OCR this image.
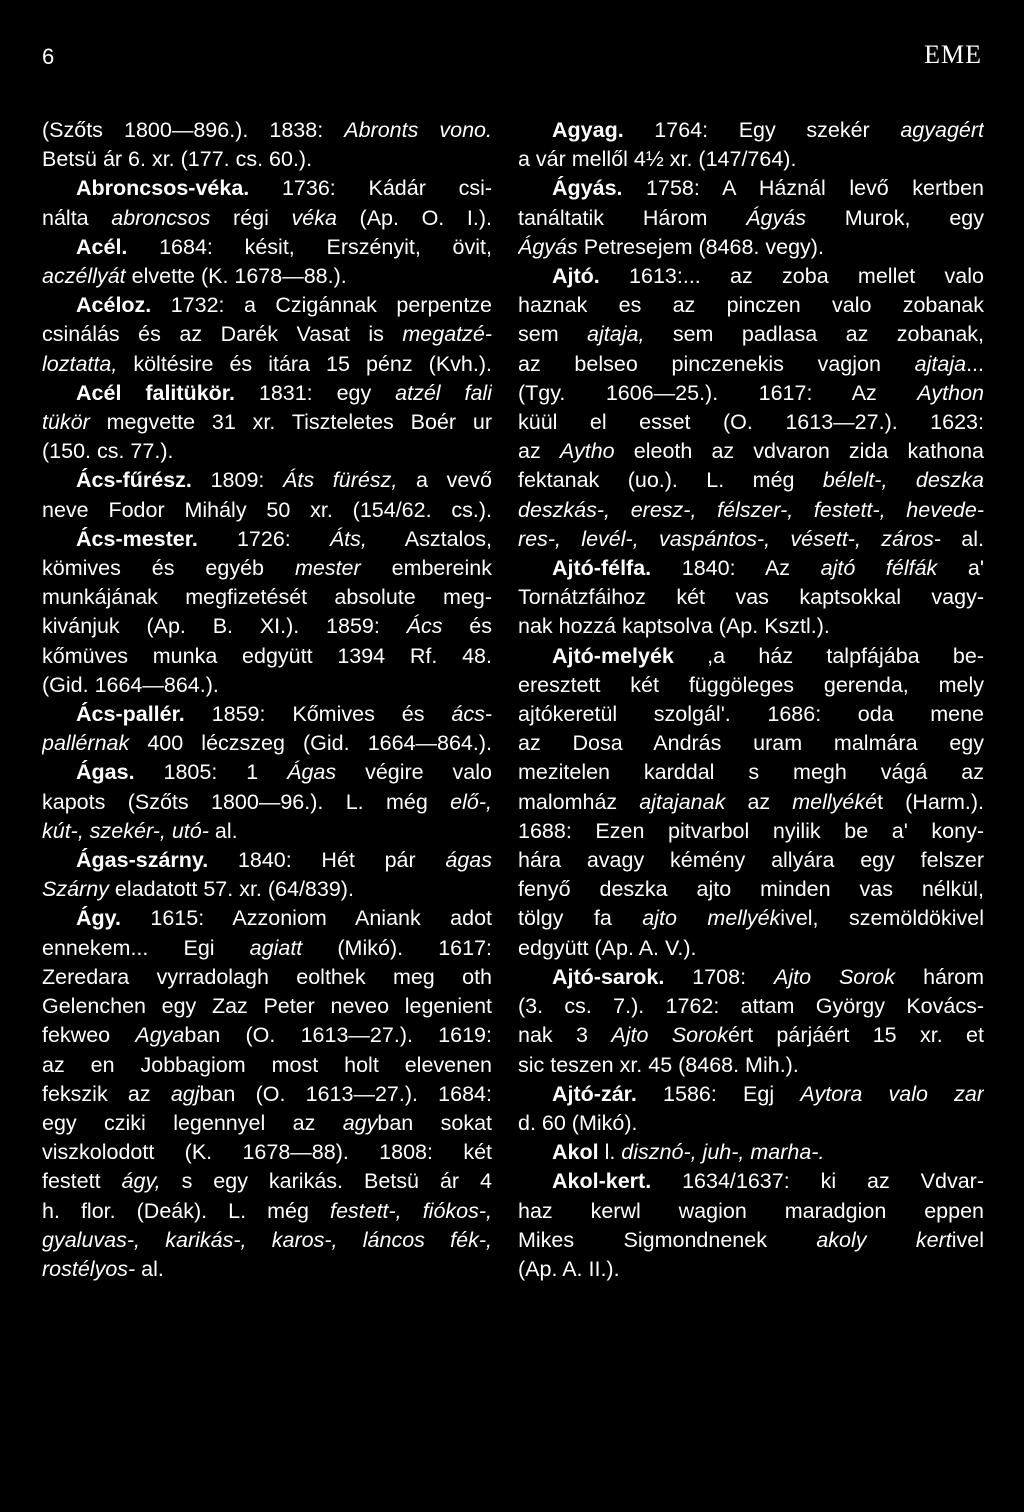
6	EME
(Szőts 1800—896.). 1838: Abronts vono.
Betsü ár 6. xr. (177. cs. 60.).
Abroncsos-véka. 1736: Kádár csi-
nálta abroncsos régi véka (Ap. O. I.).
Acél. 1684: késit, Erszényit, övit,
aczéllyát elvette (K. 1678—88.).
Acéloz. 1732: a Czigánnak perpentze
csinálás és az Darék Vasat is megatzé-
loztatta, költésire és itára 15 pénz (Kvh.).
Acél falitükör. 1831: egy atzél fali
tükör megvette 31 xr. Tiszteletes Boér ur
(150. cs. 77.).
Ács-fűrész. 1809: Áts fürész, a vevő
neve Fodor Mihály 50 xr. (154/62. cs.).
Ács-mester. 1726: Áts, Asztalos,
kömives és egyéb mester embereink
munkájának megfizetését absolute meg-
kivánjuk (Ap. B. XI.). 1859: Ács és
kőmüves munka edgyütt 1394 Rf. 48.
(Gid. 1664—864.).
Ács-pallér. 1859: Kőmives és ács-
pallérnak 400 léczszeg (Gid. 1664—864.).
Ágas. 1805: 1 Ágas végire valo
kapots (Szőts 1800—96.). L. még elő-,
kút-, szekér-, utó- al.
Ágas-szárny. 1840: Hét pár ágas
Szárny eladatott 57. xr. (64/839).
Ágy. 1615: Azzoniom Aniank adot
ennekem... Egi agiatt (Mikó). 1617:
Zeredara vyrradolagh eolthek meg oth
Gelenchen egy Zaz Peter neveo legenient
fekweo Agyaban (O. 1613—27.). 1619:
az en Jobbagiom most holt elevenen
fekszik az agjban (O. 1613—27.). 1684:
egy cziki legennyel az agyban sokat
viszkolodott (K. 1678—88). 1808: két
festett ágy, s egy karikás. Betsü ár 4
h. flor. (Deák). L. még festett-, fiókos-,
gyaluvas-, karikás-, karos-, láncos fék-,
rostélyos- al.
Agyag. 1764: Egy szekér agyagért
a vár mellől 4½ xr. (147/764).
Ágyás. 1758: A Háznál levő kertben
tanáltatik Három Ágyás Murok, egy
Ágyás Petresejem (8468. vegy).
Ajtó. 1613:... az zoba mellet valo
haznak es az pinczen valo zobanak
sem ajtaja, sem padlasa az zobanak,
az belseo pinczenekis vagjon ajtaja...
(Tgy. 1606—25.). 1617: Az Aython
küül el esset (O. 1613—27.). 1623:
az Aytho eleoth az vdvaron zida kathona
fektanak (uo.). L. még bélelt-, deszka
deszkás-, eresz-, félszer-, festett-, hevede-
res-, levél-, vaspántos-, vésett-, záros- al.
Ajtó-félfa. 1840: Az ajtó félfák a'
Tornátzfáihoz két vas kaptsokkal vagy-
nak hozzá kaptsolva (Ap. Ksztl.).
Ajtó-melyék ,a ház talpfájába be-
eresztett két függöleges gerenda, mely
ajtókeretül szolgál'. 1686: oda mene
az Dosa András uram malmára egy
mezitelen karddal s megh vágá az
malomház ajtajanak az mellyékét (Harm.).
1688: Ezen pitvarbol nyilik be a' kony-
hára avagy kémény allyára egy felszer
fenyő deszka ajto minden vas nélkül,
tölgy fa ajto mellyékivel, szemöldökivel
edgyütt (Ap. A. V.).
Ajtó-sarok. 1708: Ajto Sorok három
(3. cs. 7.). 1762: attam György Kovács-
nak 3 Ajto Sorokért párjáért 15 xr. et
sic teszen xr. 45 (8468. Mih.).
Ajtó-zár. 1586: Egj Aytora valo zar
d. 60 (Mikó).
Akol l. disznó-, juh-, marha-.
Akol-kert. 1634/1637: ki az Vdvar-
haz kerwl wagion maradgion eppen
Mikes Sigmondnenek akoly kertivel
(Ap. A. II.).
